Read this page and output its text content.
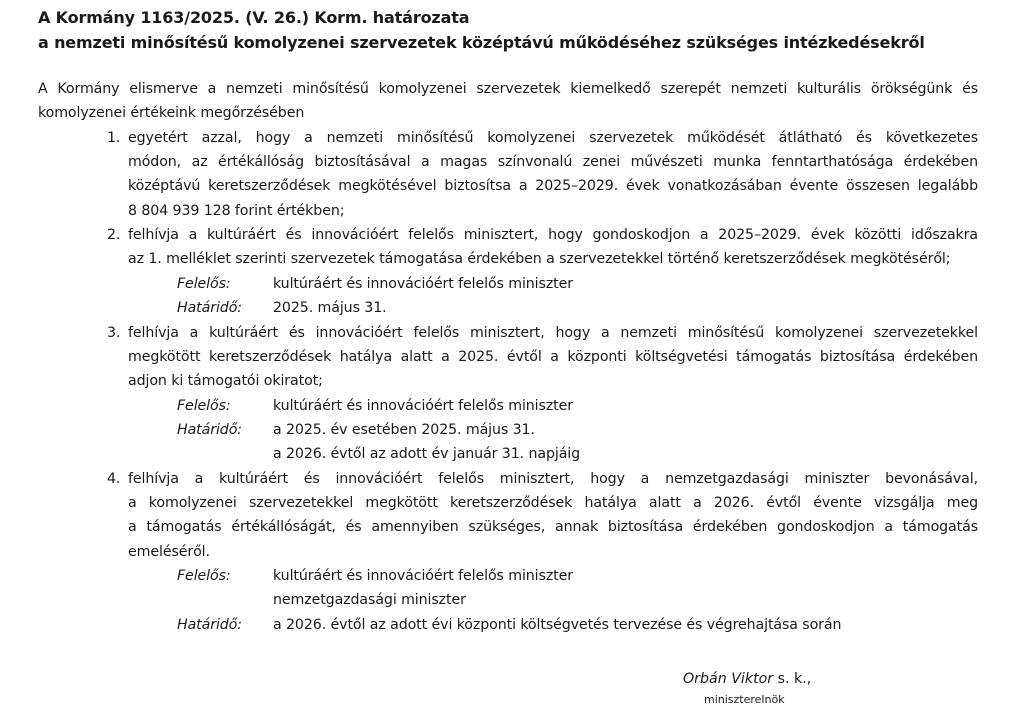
A Kormány 1163/2025. (V. 26.) Korm. határozata
a nemzeti minősítésű komolyzenei szervezetek középtávú működéséhez szükséges intézkedésekről
A Kormány elismerve a nemzeti minősítésű komolyzenei szervezetek kiemelkedő szerepét nemzeti kulturális örökségünk és
komolyzenei értékeink megőrzésében
1. egyetért azzal, hogy a nemzeti minősítésű komolyzenei szervezetek működését átlátható és következetes
módon, az értékállóság biztosításával a magas színvonalú zenei művészeti munka fenntarthatósága érdekében
középtávú keretszerződések megkötésével biztosítsa a 2025–2029. évek vonatkozásában évente összesen legalább
8 804 939 128 forint értékben;
2. felhívja a kultúráért és innovációért felelős minisztert, hogy gondoskodjon a 2025–2029. évek közötti időszakra
az 1. melléklet szerinti szervezetek támogatása érdekében a szervezetekkel történő keretszerződések megkötéséről;
Felelős:	kultúráért és innovációért felelős miniszter
Határidő: 2025. május 31.
3. felhívja a kultúráért és innovációért felelős minisztert, hogy a nemzeti minősítésű komolyzenei szervezetekkel
megkötött keretszerződések hatálya alatt a 2025. évtől a központi költségvetési támogatás biztosítása érdekében
adjon ki támogatói okiratot;
Felelős:	kultúráért és innovációért felelős miniszter
Határidő: a 2025. év esetében 2025. május 31.
a 2026. évtől az adott év január 31. napjáig
4. felhívja a kultúráért és innovációért felelős minisztert, hogy a nemzetgazdasági miniszter bevonásával,
a komolyzenei szervezetekkel megkötött keretszerződések hatálya alatt a 2026. évtől évente vizsgálja meg
a támogatás értékállóságát, és amennyiben szükséges, annak biztosítása érdekében gondoskodjon a támogatás
emeléséről.
Felelős:	kultúráért és innovációért felelős miniszter
nemzetgazdasági miniszter
Határidő: a 2026. évtől az adott évi központi költségvetés tervezése és végrehajtása során
Orbán Viktor s. k.,
miniszterelnök
